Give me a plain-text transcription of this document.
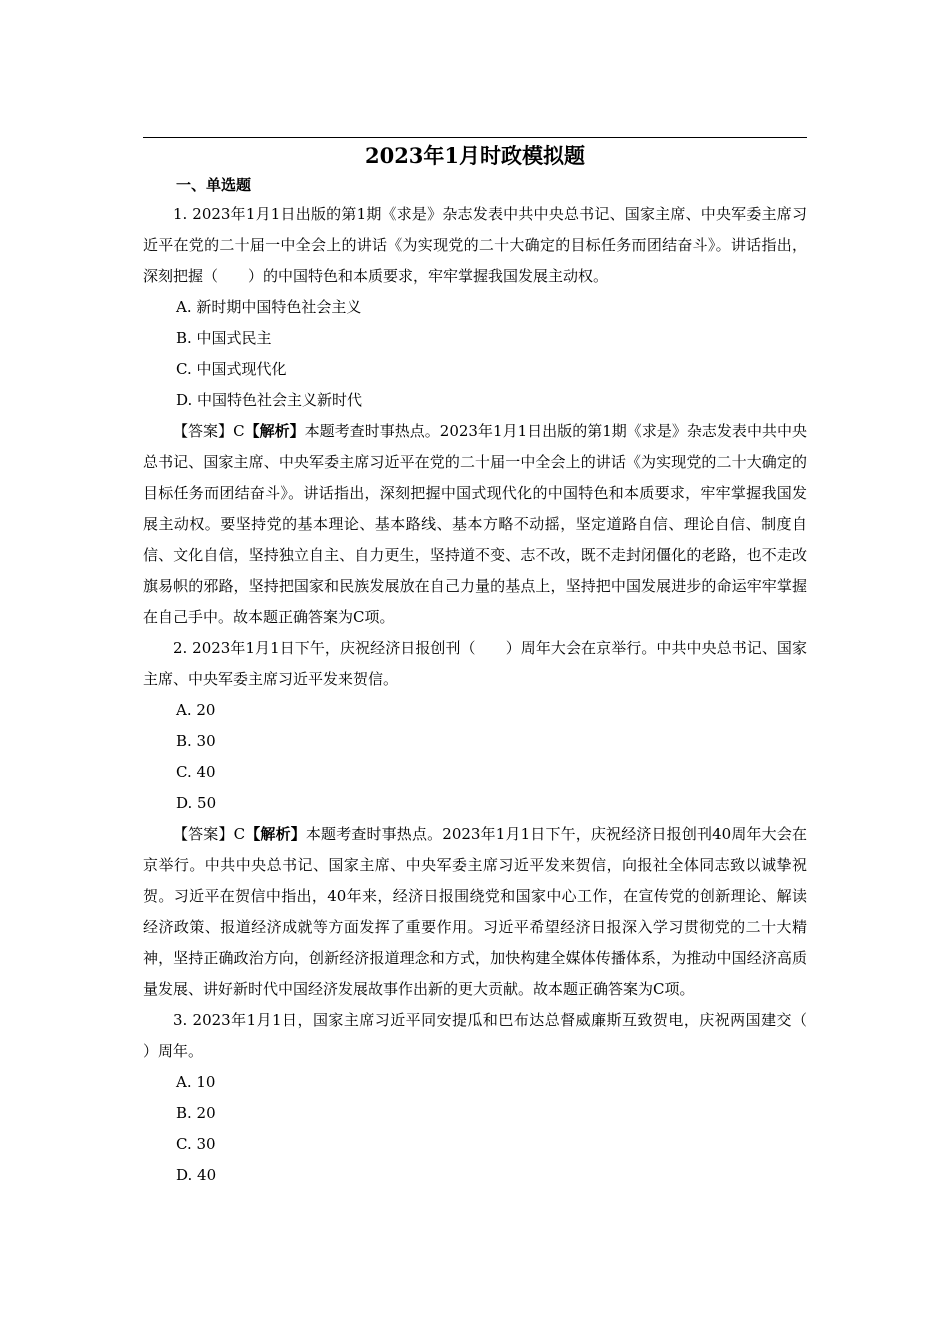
2023年1月时政模拟题
一、单选题

1. 2023年1月1日出版的第1期《求是》杂志发表中共中央总书记、国家主席、中央军委主席习近平在党的二十届一中全会上的讲话《为实现党的二十大确定的目标任务而团结奋斗》。讲话指出，深刻把握（　　）的中国特色和本质要求，牢牢掌握我国发展主动权。

A. 新时期中国特色社会主义
B. 中国式民主
C. 中国式现代化
D. 中国特色社会主义新时代

【答案】C【解析】本题考查时事热点。2023年1月1日出版的第1期《求是》杂志发表中共中央总书记、国家主席、中央军委主席习近平在党的二十届一中全会上的讲话《为实现党的二十大确定的目标任务而团结奋斗》。讲话指出，深刻把握中国式现代化的中国特色和本质要求，牢牢掌握我国发展主动权。要坚持党的基本理论、基本路线、基本方略不动摇，坚定道路自信、理论自信、制度自信、文化自信，坚持独立自主、自力更生，坚持道不变、志不改，既不走封闭僵化的老路，也不走改旗易帜的邪路，坚持把国家和民族发展放在自己力量的基点上，坚持把中国发展进步的命运牢牢掌握在自己手中。故本题正确答案为C项。

2. 2023年1月1日下午，庆祝经济日报创刊（　　）周年大会在京举行。中共中央总书记、国家主席、中央军委主席习近平发来贺信。

A. 20
B. 30
C. 40
D. 50

【答案】C【解析】本题考查时事热点。2023年1月1日下午，庆祝经济日报创刊40周年大会在京举行。中共中央总书记、国家主席、中央军委主席习近平发来贺信，向报社全体同志致以诚挚祝贺。习近平在贺信中指出，40年来，经济日报围绕党和国家中心工作，在宣传党的创新理论、解读经济政策、报道经济成就等方面发挥了重要作用。习近平希望经济日报深入学习贯彻党的二十大精神，坚持正确政治方向，创新经济报道理念和方式，加快构建全媒体传播体系，为推动中国经济高质量发展、讲好新时代中国经济发展故事作出新的更大贡献。故本题正确答案为C项。

3. 2023年1月1日，国家主席习近平同安提瓜和巴布达总督威廉斯互致贺电，庆祝两国建交（　　）周年。

A. 10
B. 20
C. 30
D. 40
